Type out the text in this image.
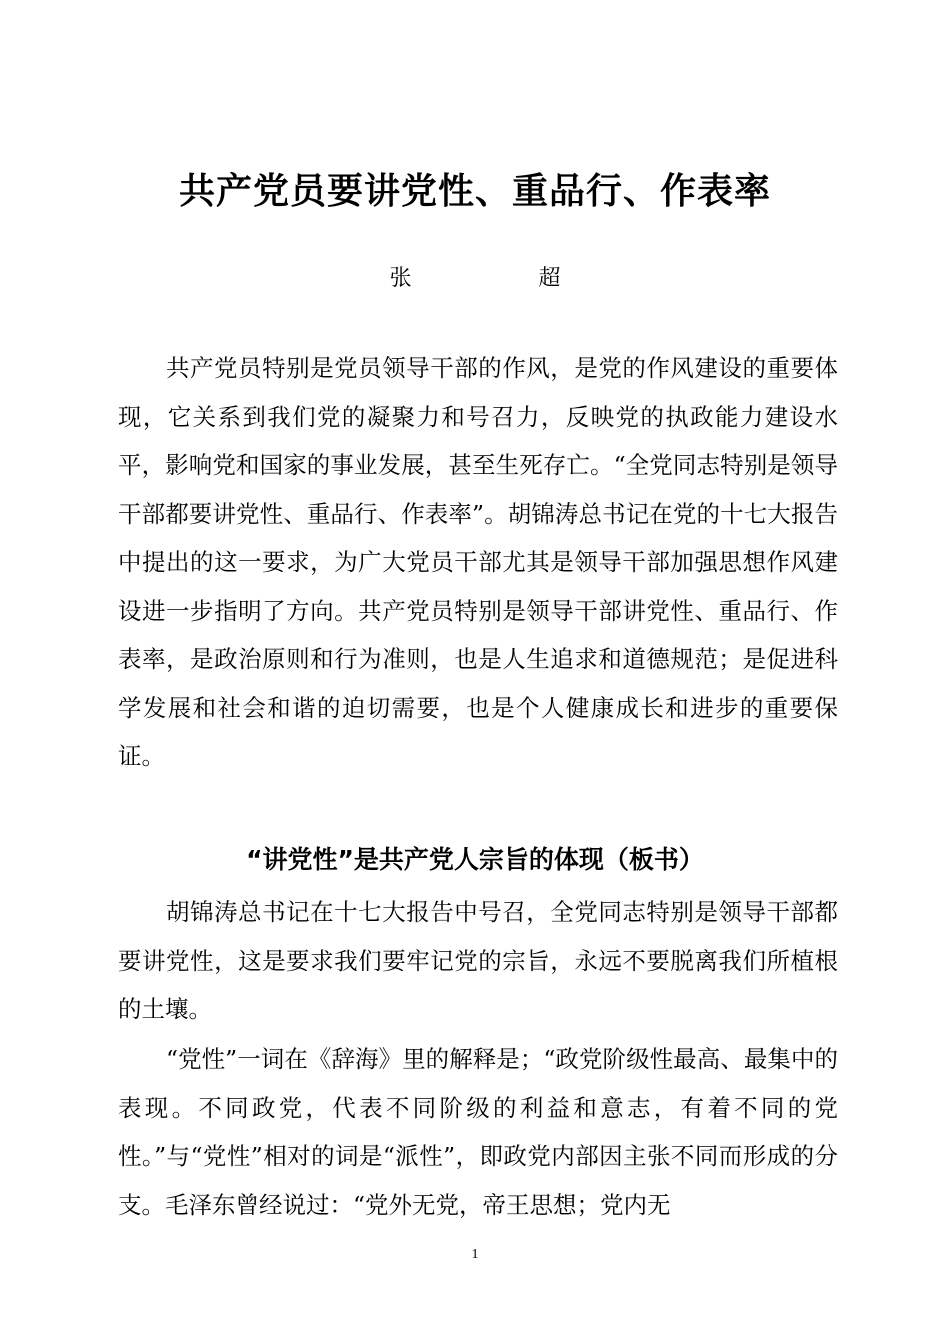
共产党员要讲党性、重品行、作表率
张 超

共产党员特别是党员领导干部的作风，是党的作风建设的重要体现，它关系到我们党的凝聚力和号召力，反映党的执政能力建设水平，影响党和国家的事业发展，甚至生死存亡。“全党同志特别是领导干部都要讲党性、重品行、作表率”。胡锦涛总书记在党的十七大报告中提出的这一要求，为广大党员干部尤其是领导干部加强思想作风建设进一步指明了方向。共产党员特别是领导干部讲党性、重品行、作表率，是政治原则和行为准则，也是人生追求和道德规范；是促进科学发展和社会和谐的迫切需要，也是个人健康成长和进步的重要保证。

“讲党性”是共产党人宗旨的体现（板书）

胡锦涛总书记在十七大报告中号召，全党同志特别是领导干部都要讲党性，这是要求我们要牢记党的宗旨，永远不要脱离我们所植根的土壤。

“党性”一词在《辞海》里的解释是；“政党阶级性最高、最集中的表现。不同政党，代表不同阶级的利益和意志，有着不同的党性。”与“党性”相对的词是“派性”，即政党内部因主张不同而形成的分支。毛泽东曾经说过：“党外无党，帝王思想；党内无

1
